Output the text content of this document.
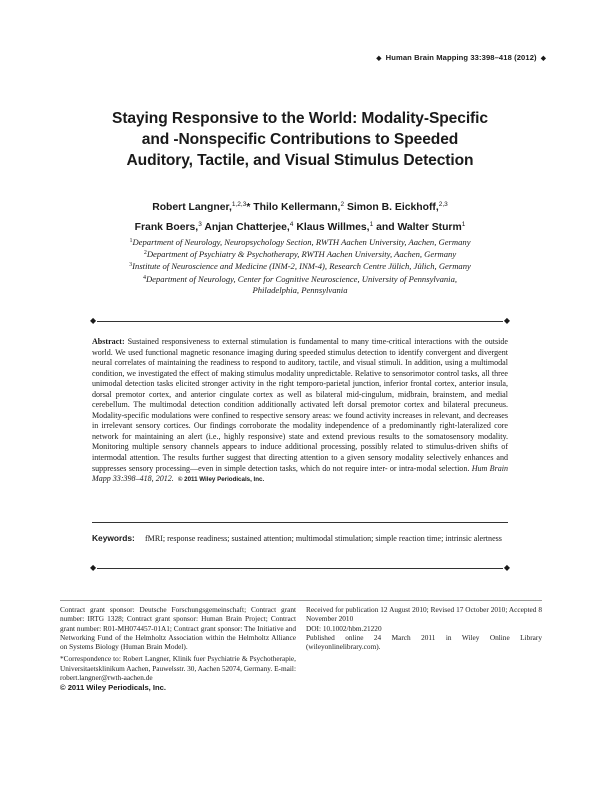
◆ Human Brain Mapping 33:398–418 (2012) ◆
Staying Responsive to the World: Modality-Specific
and -Nonspecific Contributions to Speeded
Auditory, Tactile, and Visual Stimulus Detection
Robert Langner,$^{1,2,3}$* Thilo Kellermann,$^2$ Simon B. Eickhoff,$^{2,3}$
Frank Boers,$^3$ Anjan Chatterjee,$^4$ Klaus Willmes,$^1$ and Walter Sturm$^1$
$^1$Department of Neurology, Neuropsychology Section, RWTH Aachen University, Aachen, Germany
$^2$Department of Psychiatry & Psychotherapy, RWTH Aachen University, Aachen, Germany
$^3$Institute of Neuroscience and Medicine (INM-2, INM-4), Research Centre Jülich, Jülich, Germany
$^4$Department of Neurology, Center for Cognitive Neuroscience, University of Pennsylvania,
Philadelphia, Pennsylvania
◆	◆
Abstract: Sustained responsiveness to external stimulation is fundamental to many time-critical interactions with the outside world. We used functional magnetic resonance imaging during speeded stimulus detection to identify convergent and divergent neural correlates of maintaining the readiness to respond to auditory, tactile, and visual stimuli. In addition, using a multimodal condition, we investigated the effect of making stimulus modality unpredictable. Relative to sensorimotor control tasks, all three unimodal detection tasks elicited stronger activity in the right temporo-parietal junction, inferior frontal cortex, anterior insula, dorsal premotor cortex, and anterior cingulate cortex as well as bilateral mid-cingulum, midbrain, brainstem, and medial cerebellum. The multimodal detection condition additionally activated left dorsal premotor cortex and bilateral precuneus. Modality-specific modulations were confined to respective sensory areas: we found activity increases in relevant, and decreases in irrelevant sensory cortices. Our findings corroborate the modality independence of a predominantly right-lateralized core network for maintaining an alert (i.e., highly responsive) state and extend previous results to the somatosensory modality. Monitoring multiple sensory channels appears to induce additional processing, possibly related to stimulus-driven shifts of intermodal attention. The results further suggest that directing attention to a given sensory modality selectively enhances and suppresses sensory processing—even in simple detection tasks, which do not require inter- or intra-modal selection. Hum Brain Mapp 33:398–418, 2012. © 2011 Wiley Periodicals, Inc.
Keywords:	fMRI; response readiness; sustained attention; multimodal stimulation; simple reaction time; intrinsic alertness
◆	◆

Contract grant sponsor: Deutsche Forschungsgemeinschaft; Contract grant number: IRTG 1328; Contract grant sponsor: Human Brain Project; Contract grant number: R01-MH074457-01A1; Contract grant sponsor: The Initiative and Networking Fund of the Helmholtz Association within the Helmholtz Alliance on Systems Biology (Human Brain Model).

*Correspondence to: Robert Langner, Klinik fuer Psychiatrie & Psychotherapie, Universitaetsklinikum Aachen, Pauwelsstr. 30, Aachen 52074, Germany. E-mail: robert.langner@rwth-aachen.de

Received for publication 12 August 2010; Revised 17 October 2010; Accepted 8 November 2010

DOI: 10.1002/hbm.21220

Published online 24 March 2011 in Wiley Online Library (wileyonlinelibrary.com).

© 2011 Wiley Periodicals, Inc.
